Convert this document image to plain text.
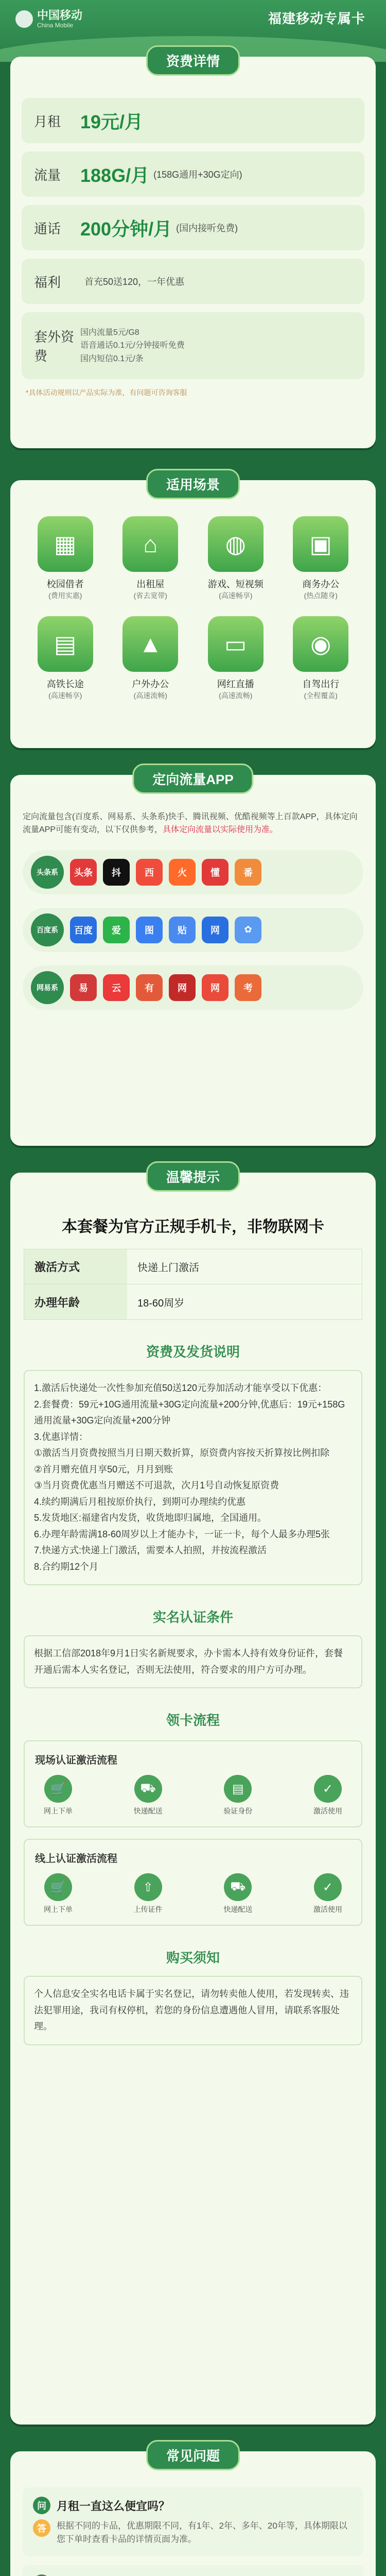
中国移动
China Mobile	福建移动专属卡
资费详情
月租	19元/月
流量	188G/月 (158G通用+30G定向)
通话	200分钟/月 (国内接听免费)
福利	首充50送120，一年优惠
套外资费
国内流量5元/G8
语音通话0.1元/分钟接听免费
国内短信0.1元/条
*具体活动规则以产品实际为准，有问题可咨询客服
适用场景
▦
校园借者
(费用实惠)
⌂
出租屋
(省去宽带)
◍
游戏、短视频
(高速畅享)
▣
商务办公
(热点随身)
▤
高铁长途
(高速畅享)
▲
户外办公
(高速流畅)
▭
网红直播
(高速流畅)
◉
自驾出行
(全程覆盖)
定向流量APP
定向流量包含(百度系、网易系、头条系)快手、腾讯视频、优酷视频等上百款APP，具体定向流量APP可能有变动，以下仅供参考，具体定向流量以实际使用为准。
头条系	头条	抖	西	火	懂	番
百度系	百度	爱	图	贴	网	✿
网易系	易	云	有	网	网	考
温馨提示
本套餐为官方正规手机卡，非物联网卡
激活方式	快递上门激活
办理年龄	18-60周岁
资费及发货说明
1.激活后快递处一次性参加充值50送120元券加活动才能享受以下优惠：
2.套餐费：59元+10G通用流量+30G定向流量+200分钟,优惠后：19元+158G通用流量+30G定向流量+200分钟
3.优惠详情：
①激活当月资费按照当月日期天数折算，原资费内容按天折算按比例扣除
②首月赠充值月享50元，月月到账
③当月资费优惠当月赠送不可退款，次月1号自动恢复原资费
4.续约期满后月租按原价执行，到期可办理续约优惠
5.发货地区:福建省内发货，收货地即归属地，全国通用。
6.办理年龄需满18-60周岁以上才能办卡，一证一卡，每个人最多办理5张
7.快递方式:快递上门激活，需要本人拍照，并按流程激活
8.合约期12个月
实名认证条件
根据工信部2018年9月1日实名新规要求，办卡需本人持有效身份证件，套餐开通后需本人实名登记，否则无法使用，符合要求的用户方可办理。
领卡流程
现场认证激活流程
🛒
网上下单
⛟
快递配送
▤
验证身份
✓
激活使用
线上认证激活流程
🛒
网上下单
⇧
上传证件
⛟
快递配送
✓
激活使用
购买须知
个人信息安全实名电话卡属于实名登记，请勿转卖他人使用，若发现转卖、违法犯罪用途，我司有权停机，若您的身份信息遭遇他人冒用，请联系客服处理。
常见问题
问 月租一直这么便宜吗？
答	根据不同的卡品，优惠期限不同，有1年、2年、多年、20年等，具体期限以您下单时查看卡品的详情页面为准。
